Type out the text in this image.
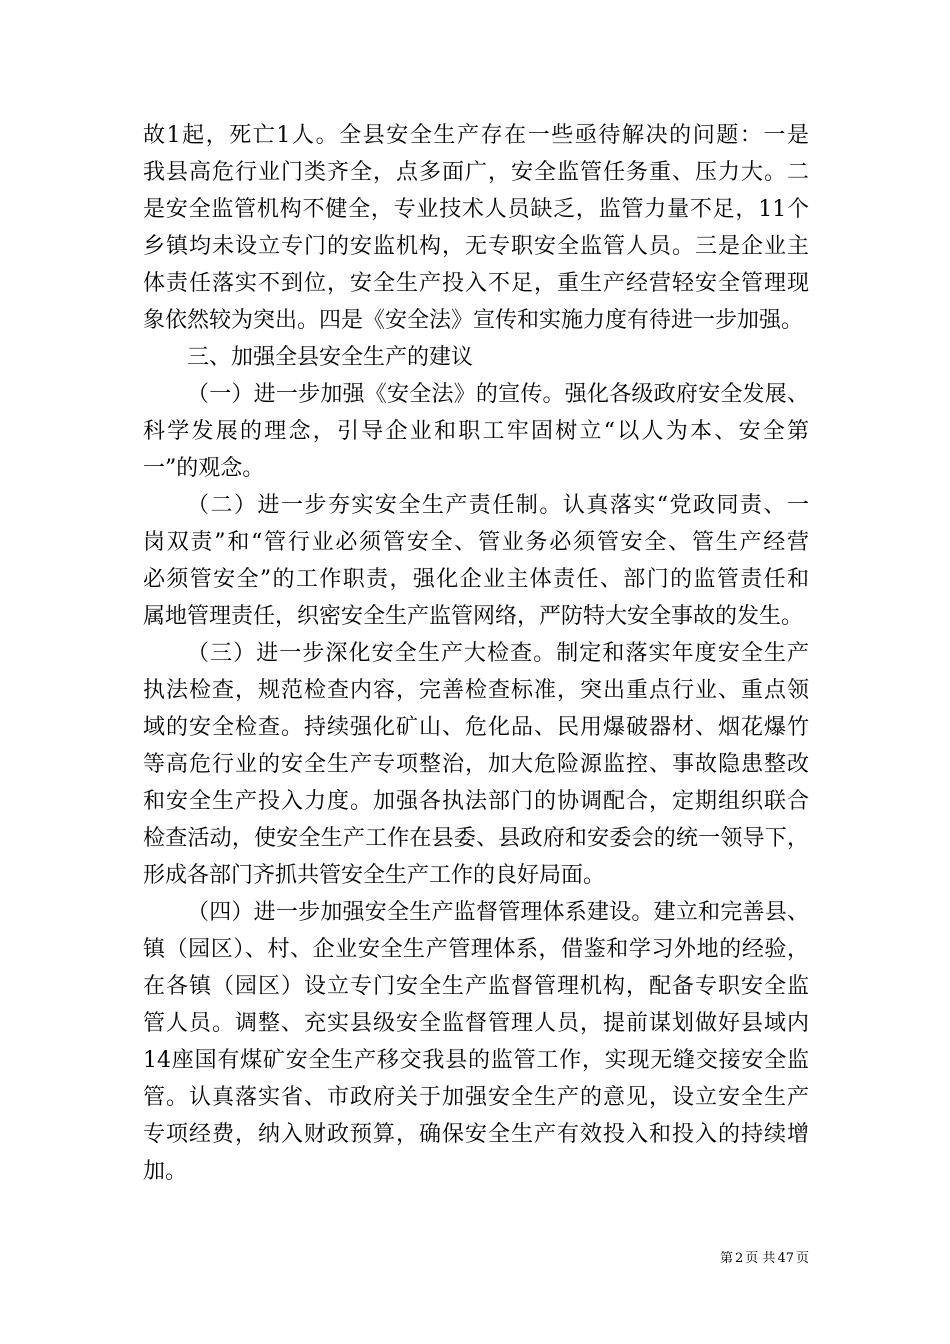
故1起，死亡1人。全县安全生产存在一些亟待解决的问题：一是
我县高危行业门类齐全，点多面广，安全监管任务重、压力大。二
是安全监管机构不健全，专业技术人员缺乏，监管力量不足，11个
乡镇均未设立专门的安监机构，无专职安全监管人员。三是企业主
体责任落实不到位，安全生产投入不足，重生产经营轻安全管理现
象依然较为突出。四是《安全法》宣传和实施力度有待进一步加强。
三、加强全县安全生产的建议
（一）进一步加强《安全法》的宣传。强化各级政府安全发展、
科学发展的理念，引导企业和职工牢固树立“以人为本、安全第
一”的观念。
（二）进一步夯实安全生产责任制。认真落实“党政同责、一
岗双责”和“管行业必须管安全、管业务必须管安全、管生产经营
必须管安全”的工作职责，强化企业主体责任、部门的监管责任和
属地管理责任，织密安全生产监管网络，严防特大安全事故的发生。
（三）进一步深化安全生产大检查。制定和落实年度安全生产
执法检查，规范检查内容，完善检查标准，突出重点行业、重点领
域的安全检查。持续强化矿山、危化品、民用爆破器材、烟花爆竹
等高危行业的安全生产专项整治，加大危险源监控、事故隐患整改
和安全生产投入力度。加强各执法部门的协调配合，定期组织联合
检查活动，使安全生产工作在县委、县政府和安委会的统一领导下，
形成各部门齐抓共管安全生产工作的良好局面。
（四）进一步加强安全生产监督管理体系建设。建立和完善县、
镇（园区）、村、企业安全生产管理体系，借鉴和学习外地的经验，
在各镇（园区）设立专门安全生产监督管理机构，配备专职安全监
管人员。调整、充实县级安全监督管理人员，提前谋划做好县域内
14座国有煤矿安全生产移交我县的监管工作，实现无缝交接安全监
管。认真落实省、市政府关于加强安全生产的意见，设立安全生产
专项经费，纳入财政预算，确保安全生产有效投入和投入的持续增
加。
第 2 页 共 47 页
